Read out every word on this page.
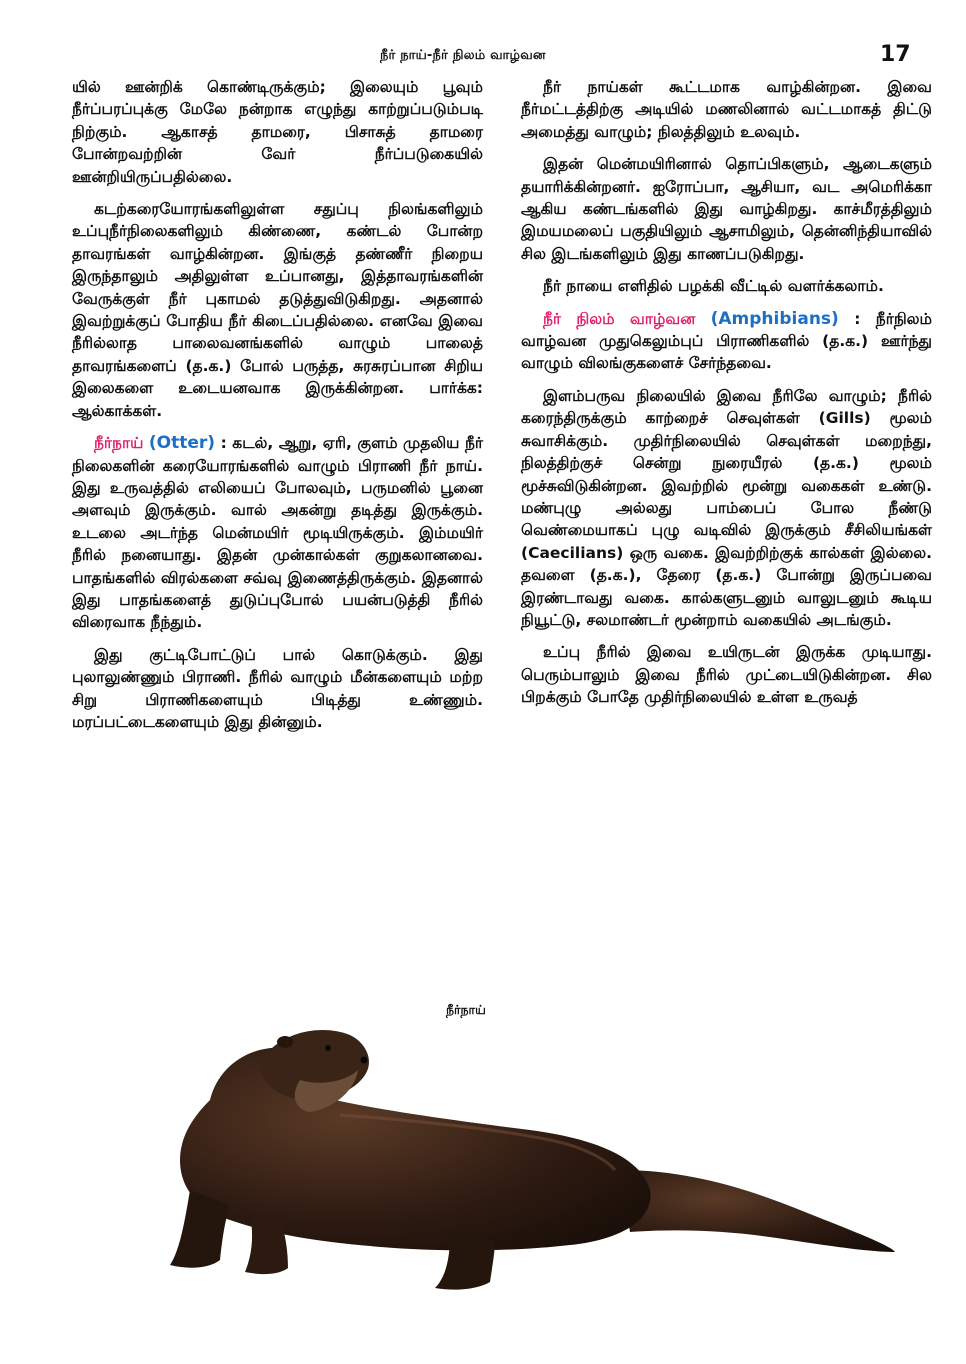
நீர் நாய்-நீர் நிலம் வாழ்வன	17

யில் ஊன்றிக் கொண்டிருக்கும்; இலையும் பூவும் நீர்ப்பரப்புக்கு மேலே நன்றாக எழுந்து காற்றுப்படும்படி நிற்கும். ஆகாசத் தாமரை, பிசாசுத் தாமரை போன்றவற்றின் வேர் நீர்ப்படுகையில் ஊன்றியிருப்பதில்லை.

கடற்கரையோரங்களிலுள்ள சதுப்பு நிலங்களிலும் உப்புநீர்நிலைகளிலும் கிண்ணை, கண்டல் போன்ற தாவரங்கள் வாழ்கின்றன. இங்குத் தண்ணீர் நிறைய இருந்தாலும் அதிலுள்ள உப்பானது, இத்தாவரங்களின் வேருக்குள் நீர் புகாமல் தடுத்துவிடுகிறது. அதனால் இவற்றுக்குப் போதிய நீர் கிடைப்பதில்லை. எனவே இவை நீரில்லாத பாலைவனங்களில் வாழும் பாலைத் தாவரங்களைப் (த.க.) போல் பருத்த, சுரசுரப்பான சிறிய இலைகளை உடையனவாக இருக்கின்றன. பார்க்க: ஆல்காக்கள்.

நீர்நாய் (Otter) : கடல், ஆறு, ஏரி, குளம் முதலிய நீர் நிலைகளின் கரையோரங்களில் வாழும் பிராணி நீர் நாய். இது உருவத்தில் எலியைப் போலவும், பருமனில் பூனை அளவும் இருக்கும். வால் அகன்று தடித்து இருக்கும். உடலை அடர்ந்த மென்மயிர் மூடியிருக்கும். இம்மயிர் நீரில் நனையாது. இதன் முன்கால்கள் குறுகலானவை. பாதங்களில் விரல்களை சவ்வு இணைத்திருக்கும். இதனால் இது பாதங்களைத் துடுப்புபோல் பயன்படுத்தி நீரில் விரைவாக நீந்தும்.

இது குட்டிபோட்டுப் பால் கொடுக்கும். இது புலாலுண்ணும் பிராணி. நீரில் வாழும் மீன்களையும் மற்ற சிறு பிராணிகளையும் பிடித்து உண்ணும். மரப்பட்டைகளையும் இது தின்னும்.

நீர் நாய்கள் கூட்டமாக வாழ்கின்றன. இவை நீர்மட்டத்திற்கு அடியில் மணலினால் வட்டமாகத் திட்டு அமைத்து வாழும்; நிலத்திலும் உலவும்.

இதன் மென்மயிரினால் தொப்பிகளும், ஆடைகளும் தயாரிக்கின்றனர். ஐரோப்பா, ஆசியா, வட அமெரிக்கா ஆகிய கண்டங்களில் இது வாழ்கிறது. காச்மீரத்திலும் இமயமலைப் பகுதியிலும் ஆசாமிலும், தென்னிந்தியாவில் சில இடங்களிலும் இது காணப்படுகிறது.

நீர் நாயை எளிதில் பழக்கி வீட்டில் வளர்க்கலாம்.

நீர் நிலம் வாழ்வன (Amphibians) : நீர்நிலம் வாழ்வன முதுகெலும்புப் பிராணிகளில் (த.க.) ஊர்ந்து வாழும் விலங்குகளைச் சேர்ந்தவை.

இளம்பருவ நிலையில் இவை நீரிலே வாழும்; நீரில் கரைந்திருக்கும் காற்றைச் செவுள்கள் (Gills) மூலம் சுவாசிக்கும். முதிர்நிலையில் செவுள்கள் மறைந்து, நிலத்திற்குச் சென்று நுரையீரல் (த.க.) மூலம் மூச்சுவிடுகின்றன. இவற்றில் மூன்று வகைகள் உண்டு. மண்புழு அல்லது பாம்பைப் போல நீண்டு வெண்மையாகப் புழு வடிவில் இருக்கும் சீசிலியங்கள் (Caecilians) ஒரு வகை. இவற்றிற்குக் கால்கள் இல்லை. தவளை (த.க.), தேரை (த.க.) போன்று இருப்பவை இரண்டாவது வகை. கால்களுடனும் வாலுடனும் கூடிய நியூட்டு, சலமாண்டர் மூன்றாம் வகையில் அடங்கும்.

உப்பு நீரில் இவை உயிருடன் இருக்க முடியாது. பெரும்பாலும் இவை நீரில் முட்டையிடுகின்றன. சில பிறக்கும் போதே முதிர்நிலையில் உள்ள உருவத்

நீர்நாய்
